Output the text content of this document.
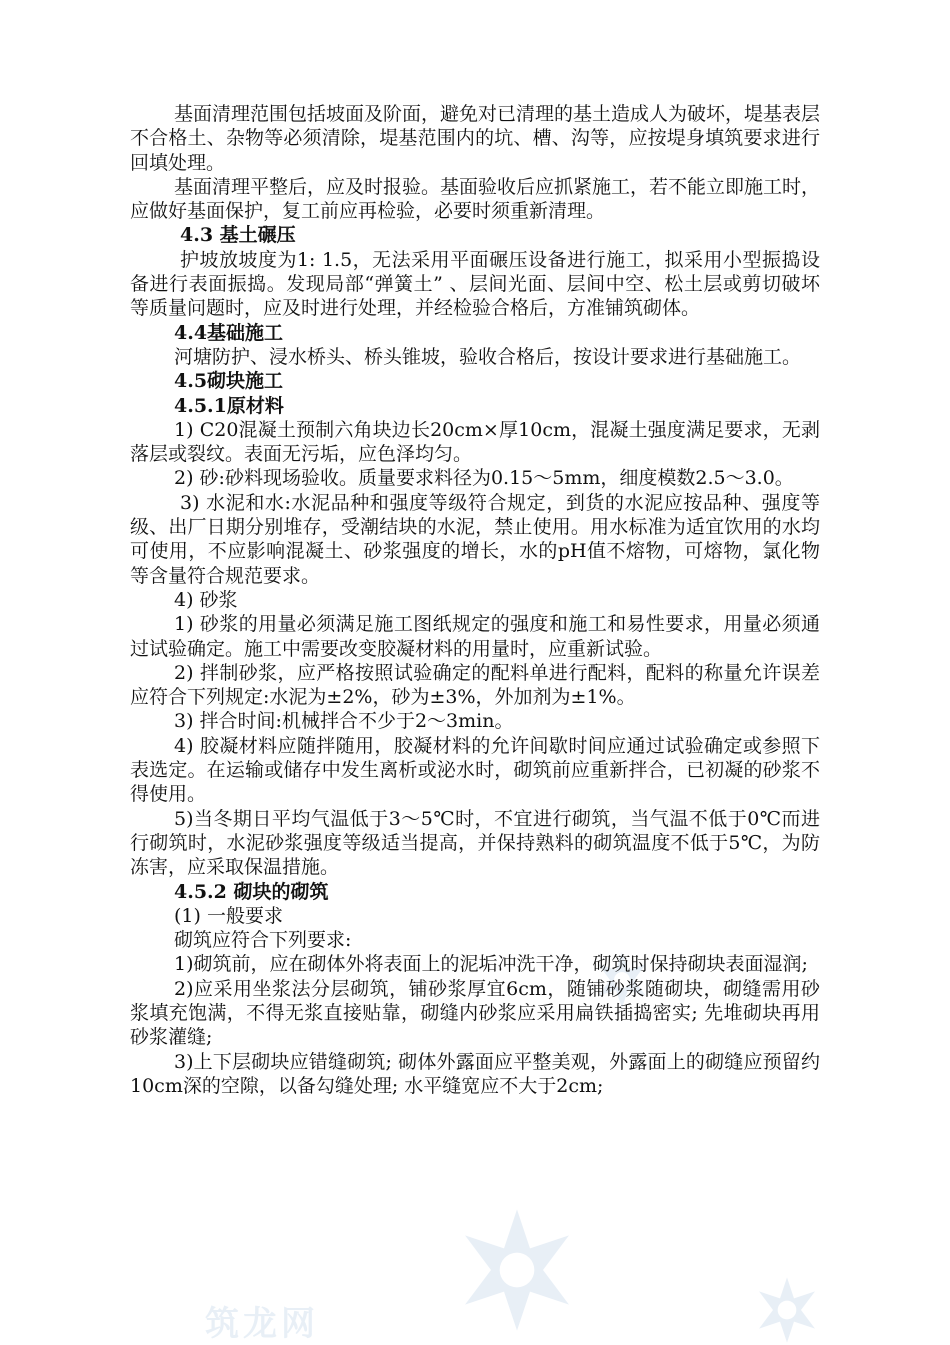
筑龙网

基面清理范围包括坡面及阶面，避免对已清理的基土造成人为破坏，堤基表层不合格土、杂物等必须清除，堤基范围内的坑、槽、沟等，应按堤身填筑要求进行回填处理。

基面清理平整后，应及时报验。基面验收后应抓紧施工，若不能立即施工时，应做好基面保护，复工前应再检验，必要时须重新清理。

4.3 基土碾压

护坡放坡度为1: 1.5，无法采用平面碾压设备进行施工，拟采用小型振捣设备进行表面振捣。发现局部“弹簧土” 、层间光面、层间中空、松土层或剪切破坏等质量问题时，应及时进行处理，并经检验合格后，方准铺筑砌体。

4.4基础施工

河塘防护、浸水桥头、桥头锥坡，验收合格后，按设计要求进行基础施工。

4.5砌块施工

4.5.1原材料

1) C20混凝土预制六角块边长20cm×厚10cm，混凝土强度满足要求，无剥落层或裂纹。表面无污垢，应色泽均匀。

2) 砂:砂料现场验收。质量要求料径为0.15～5mm，细度模数2.5～3.0。

3) 水泥和水:水泥品种和强度等级符合规定，到货的水泥应按品种、强度等级、出厂日期分别堆存，受潮结块的水泥，禁止使用。用水标准为适宜饮用的水均可使用，不应影响混凝土、砂浆强度的增长，水的pH值不熔物，可熔物，氯化物等含量符合规范要求。

4) 砂浆

1) 砂浆的用量必须满足施工图纸规定的强度和施工和易性要求，用量必须通过试验确定。施工中需要改变胶凝材料的用量时，应重新试验。

2) 拌制砂浆，应严格按照试验确定的配料单进行配料，配料的称量允许误差应符合下列规定:水泥为±2%，砂为±3%，外加剂为±1%。

3) 拌合时间:机械拌合不少于2～3min。

4) 胶凝材料应随拌随用，胶凝材料的允许间歇时间应通过试验确定或参照下表选定。在运输或储存中发生离析或泌水时，砌筑前应重新拌合，已初凝的砂浆不得使用。

5)当冬期日平均气温低于3～5℃时，不宜进行砌筑，当气温不低于0℃而进行砌筑时，水泥砂浆强度等级适当提高，并保持熟料的砌筑温度不低于5℃，为防冻害，应采取保温措施。

4.5.2 砌块的砌筑

(1) 一般要求

砌筑应符合下列要求:

1)砌筑前，应在砌体外将表面上的泥垢冲洗干净，砌筑时保持砌块表面湿润;

2)应采用坐浆法分层砌筑，铺砂浆厚宜6cm，随铺砂浆随砌块，砌缝需用砂浆填充饱满，不得无浆直接贴靠，砌缝内砂浆应采用扁铁插捣密实; 先堆砌块再用砂浆灌缝;

3)上下层砌块应错缝砌筑; 砌体外露面应平整美观，外露面上的砌缝应预留约10cm深的空隙，以备勾缝处理; 水平缝宽应不大于2cm;
